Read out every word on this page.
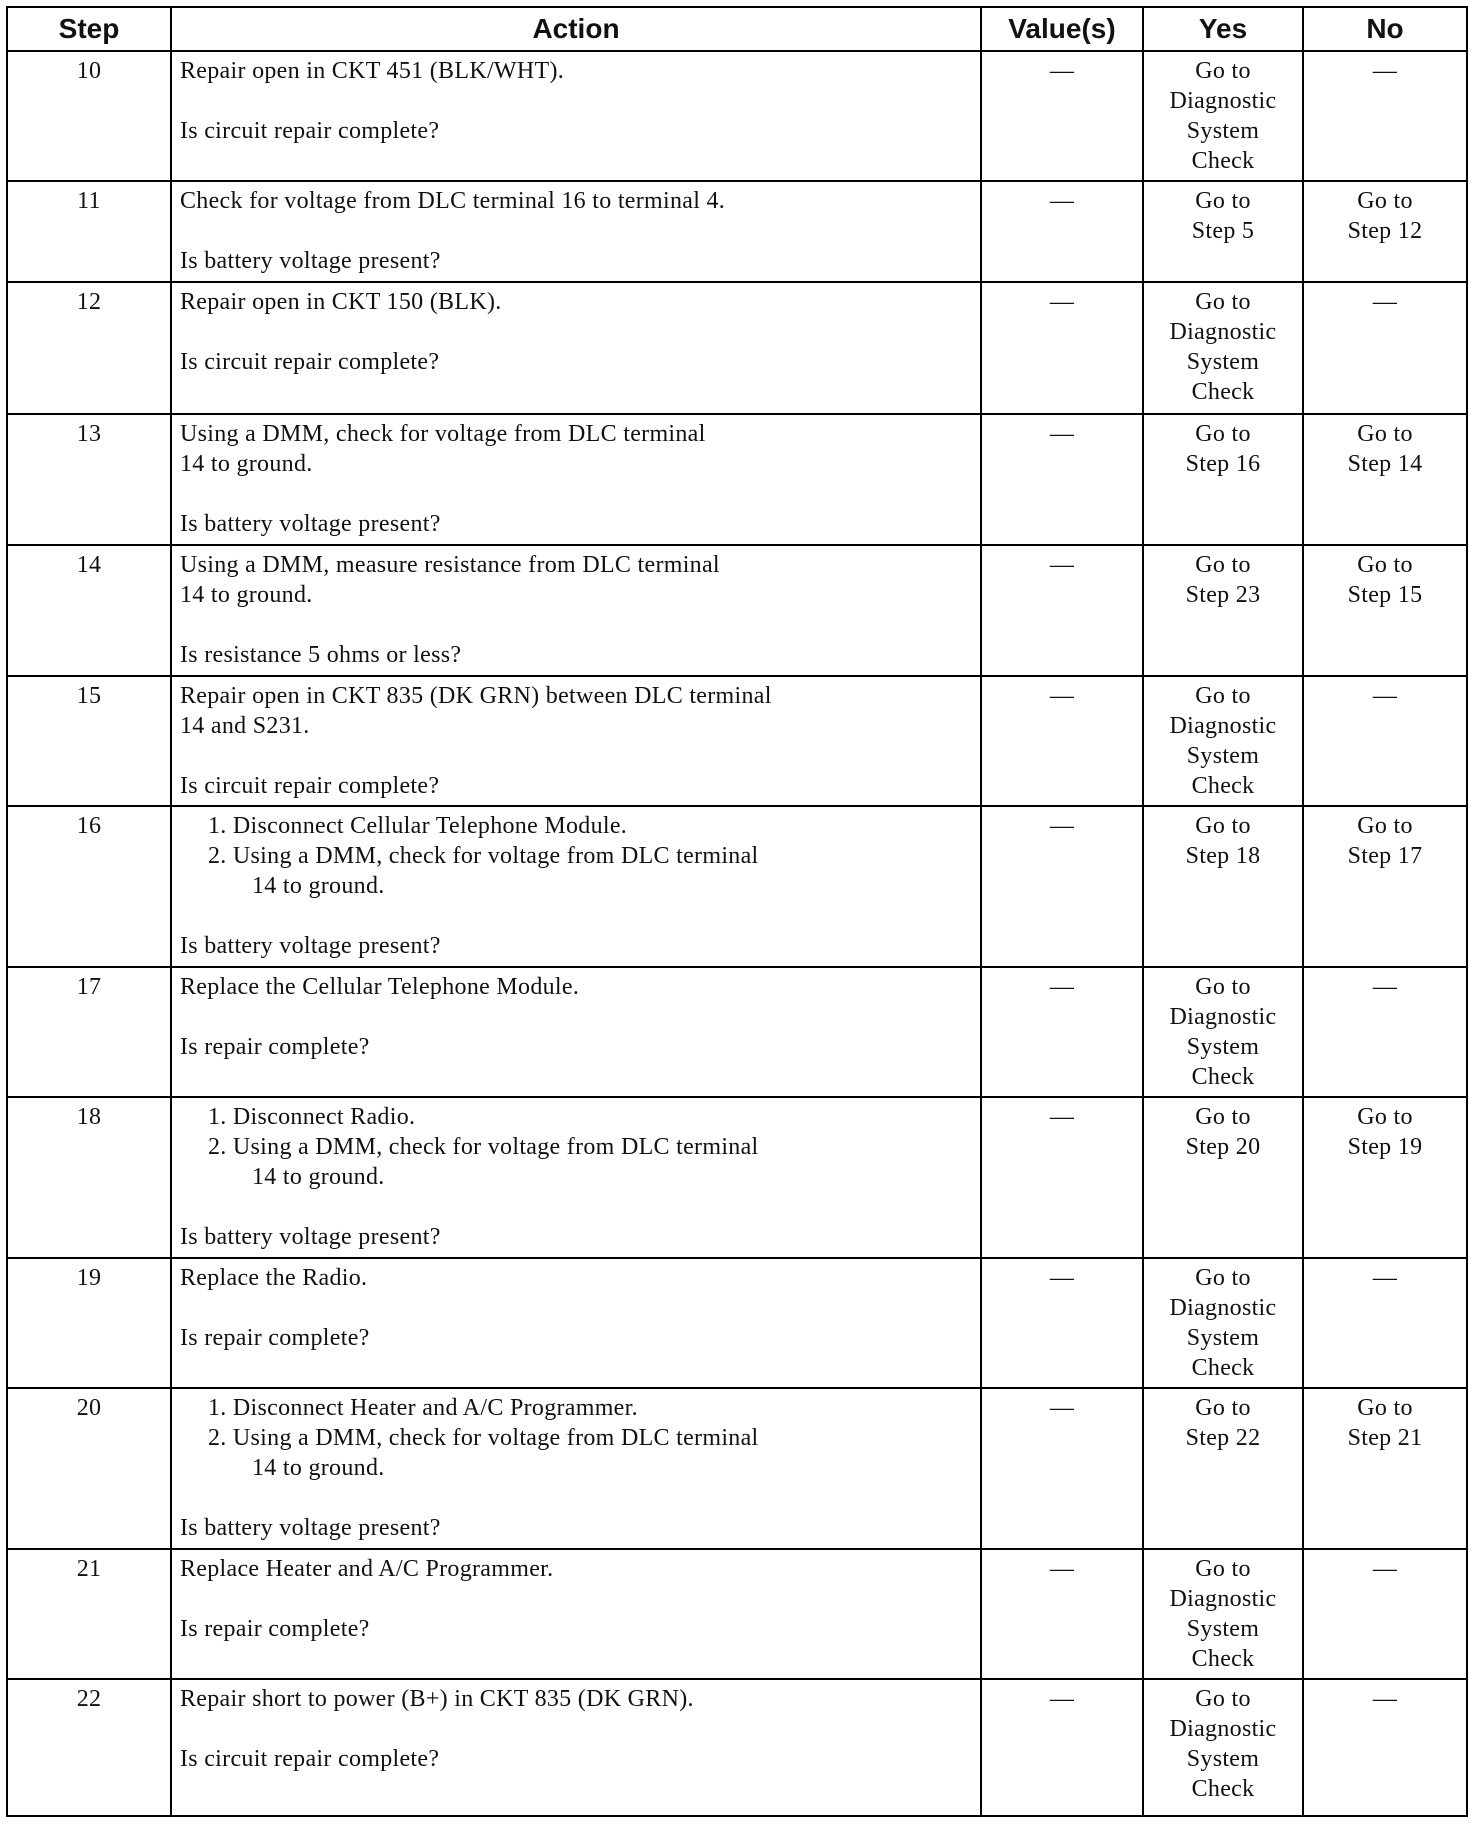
Step	Action	Value(s)	Yes	No
10	Repair open in CKT 451 (BLK/WHT).
Is circuit repair complete?	—	Go to
Diagnostic
System
Check	—

11	Check for voltage from DLC terminal 16 to terminal 4.
Is battery voltage present?	—	Go to
Step 5	Go to
Step 12

12	Repair open in CKT 150 (BLK).
Is circuit repair complete?	—	Go to
Diagnostic
System
Check	—

13	Using a DMM, check for voltage from DLC terminal
14 to ground.
Is battery voltage present?	—	Go to
Step 16	Go to
Step 14

14	Using a DMM, measure resistance from DLC terminal
14 to ground.
Is resistance 5 ohms or less?	—	Go to
Step 23	Go to
Step 15

15	Repair open in CKT 835 (DK GRN) between DLC terminal
14 and S231.
Is circuit repair complete?	—	Go to
Diagnostic
System
Check	—

16	1. Disconnect Cellular Telephone Module.
2. Using a DMM, check for voltage from DLC terminal
14 to ground.
Is battery voltage present?	—	Go to
Step 18	Go to
Step 17

17	Replace the Cellular Telephone Module.
Is repair complete?	—	Go to
Diagnostic
System
Check	—

18	1. Disconnect Radio.
2. Using a DMM, check for voltage from DLC terminal
14 to ground.
Is battery voltage present?	—	Go to
Step 20	Go to
Step 19

19	Replace the Radio.
Is repair complete?	—	Go to
Diagnostic
System
Check	—

20	1. Disconnect Heater and A/C Programmer.
2. Using a DMM, check for voltage from DLC terminal
14 to ground.
Is battery voltage present?	—	Go to
Step 22	Go to
Step 21

21	Replace Heater and A/C Programmer.
Is repair complete?	—	Go to
Diagnostic
System
Check	—

22	Repair short to power (B+) in CKT 835 (DK GRN).
Is circuit repair complete?	—	Go to
Diagnostic
System
Check	—
